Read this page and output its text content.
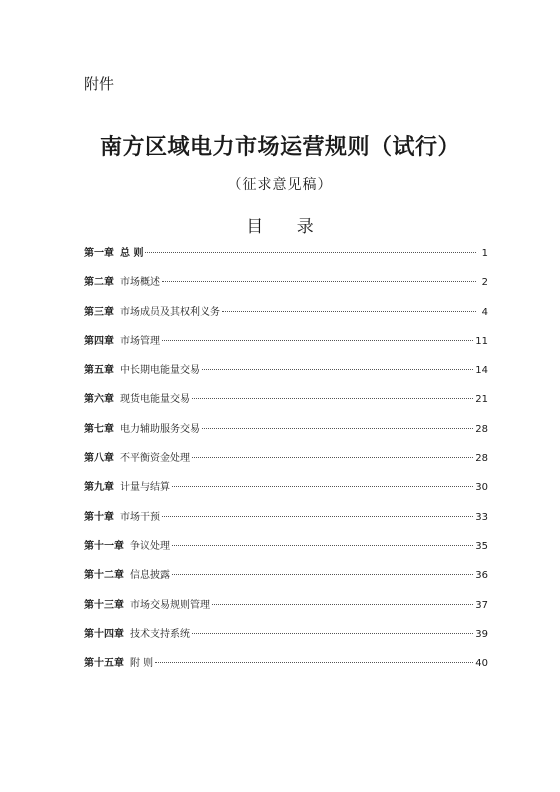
附件
南方区域电力市场运营规则（试行）
（征求意见稿）
目 录
第一章 总 则	1
第二章 市场概述	2
第三章 市场成员及其权利义务	4
第四章 市场管理	11
第五章 中长期电能量交易	14
第六章 现货电能量交易	21
第七章 电力辅助服务交易	28
第八章 不平衡资金处理	28
第九章 计量与结算	30
第十章 市场干预	33
第十一章 争议处理	35
第十二章 信息披露	36
第十三章 市场交易规则管理	37
第十四章 技术支持系统	39
第十五章 附 则	40
